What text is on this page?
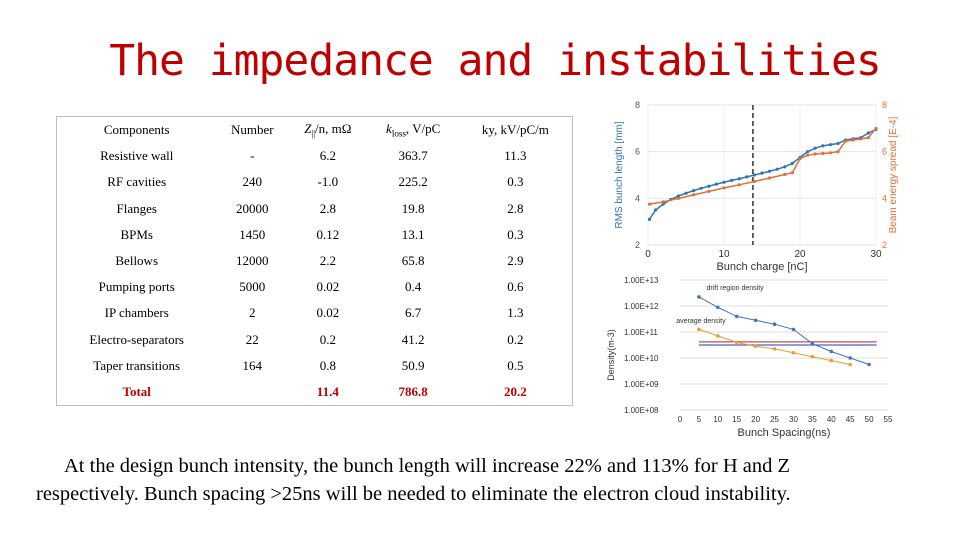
The impedance and instabilities
Components	Number	$Z_{||}/n$, mΩ	$k_{loss}$, V/pC	ky, kV/pC/m
Resistive wall	-	6.2	363.7	11.3
RF cavities	240	-1.0	225.2	0.3
Flanges	20000	2.8	19.8	2.8
BPMs	1450	0.12	13.1	0.3
Bellows	12000	2.2	65.8	2.9
Pumping ports	5000	0.02	0.4	0.6
IP chambers	2	0.02	6.7	1.3
Electro-separators	22	0.2	41.2	0.2
Taper transitions	164	0.8	50.9	0.5
Total		11.4	786.8	20.2
2
4
6
8
2
4
6
8
0	10	20	30
Bunch charge [nC]
RMS bunch length [mm]	Beam energy spread [E-4]
1.00E+08
1.00E+09
1.00E+10
1.00E+11
1.00E+12
1.00E+13
0 5 10 15 20 25 30 35 40 45 50 55
drift region density
average density
Bunch Spacing(ns)
Density(m-3)
At the design bunch intensity, the bunch length will increase 22% and 113% for H and Z
respectively. Bunch spacing >25ns will be needed to eliminate the electron cloud instability.
